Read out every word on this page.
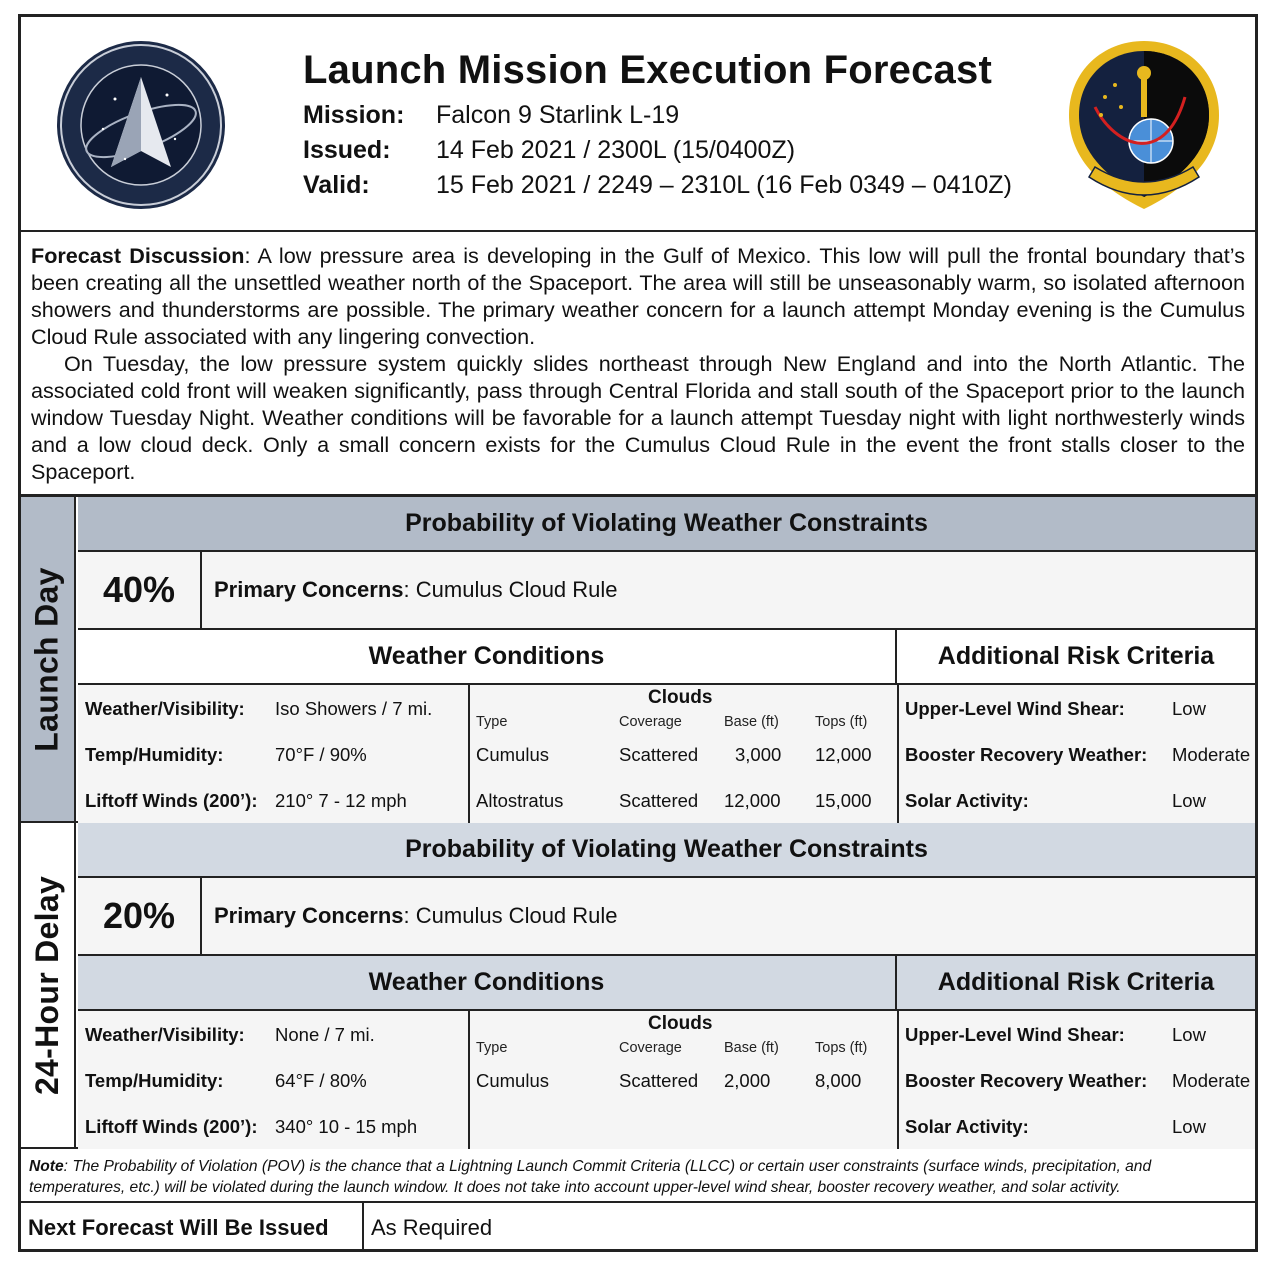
Launch Mission Execution Forecast
Mission:	Falcon 9 Starlink L-19
Issued:	14 Feb 2021 / 2300L (15/0400Z)
Valid:	15 Feb 2021 / 2249 – 2310L (16 Feb 0349 – 0410Z)

Forecast Discussion: A low pressure area is developing in the Gulf of Mexico. This low will pull the frontal boundary that’s been creating all the unsettled weather north of the Spaceport. The area will still be unseasonably warm, so isolated afternoon showers and thunderstorms are possible. The primary weather concern for a launch attempt Monday evening is the Cumulus Cloud Rule associated with any lingering convection.

On Tuesday, the low pressure system quickly slides northeast through New England and into the North Atlantic. The associated cold front will weaken significantly, pass through Central Florida and stall south of the Spaceport prior to the launch window Tuesday Night. Weather conditions will be favorable for a launch attempt Tuesday night with light northwesterly winds and a low cloud deck. Only a small concern exists for the Cumulus Cloud Rule in the event the front stalls closer to the Spaceport.

Launch Day
Probability of Violating Weather Constraints
40%	Primary Concerns : Cumulus Cloud Rule
Weather Conditions	Additional Risk Criteria
Weather/Visibility: Iso Showers / 7 mi.
Temp/Humidity:	70°F / 90%
Liftoff Winds (200’): 210° 7 - 12 mph
Clouds
Type	Coverage	Base (ft) Tops (ft)
Cumulus	Scattered 3,000 12,000
Altostratus	Scattered 12,000 15,000
Upper-Level Wind Shear:	Low
Booster Recovery Weather: Moderate
Solar Activity:	Low
24-Hour Delay
Probability of Violating Weather Constraints
20%	Primary Concerns : Cumulus Cloud Rule
Weather Conditions	Additional Risk Criteria
Weather/Visibility: None / 7 mi.
Temp/Humidity:	64°F / 80%
Liftoff Winds (200’): 340° 10 - 15 mph
Clouds
Type	Coverage	Base (ft) Tops (ft)
Cumulus	Scattered 2,000 8,000
Upper-Level Wind Shear:	Low
Booster Recovery Weather: Moderate
Solar Activity:	Low
Note: The Probability of Violation (POV) is the chance that a Lightning Launch Commit Criteria (LLCC) or certain user constraints (surface winds, precipitation, and temperatures, etc.) will be violated during the launch window. It does not take into account upper-level wind shear, booster recovery weather, and solar activity.
Next Forecast Will Be Issued	As Required
